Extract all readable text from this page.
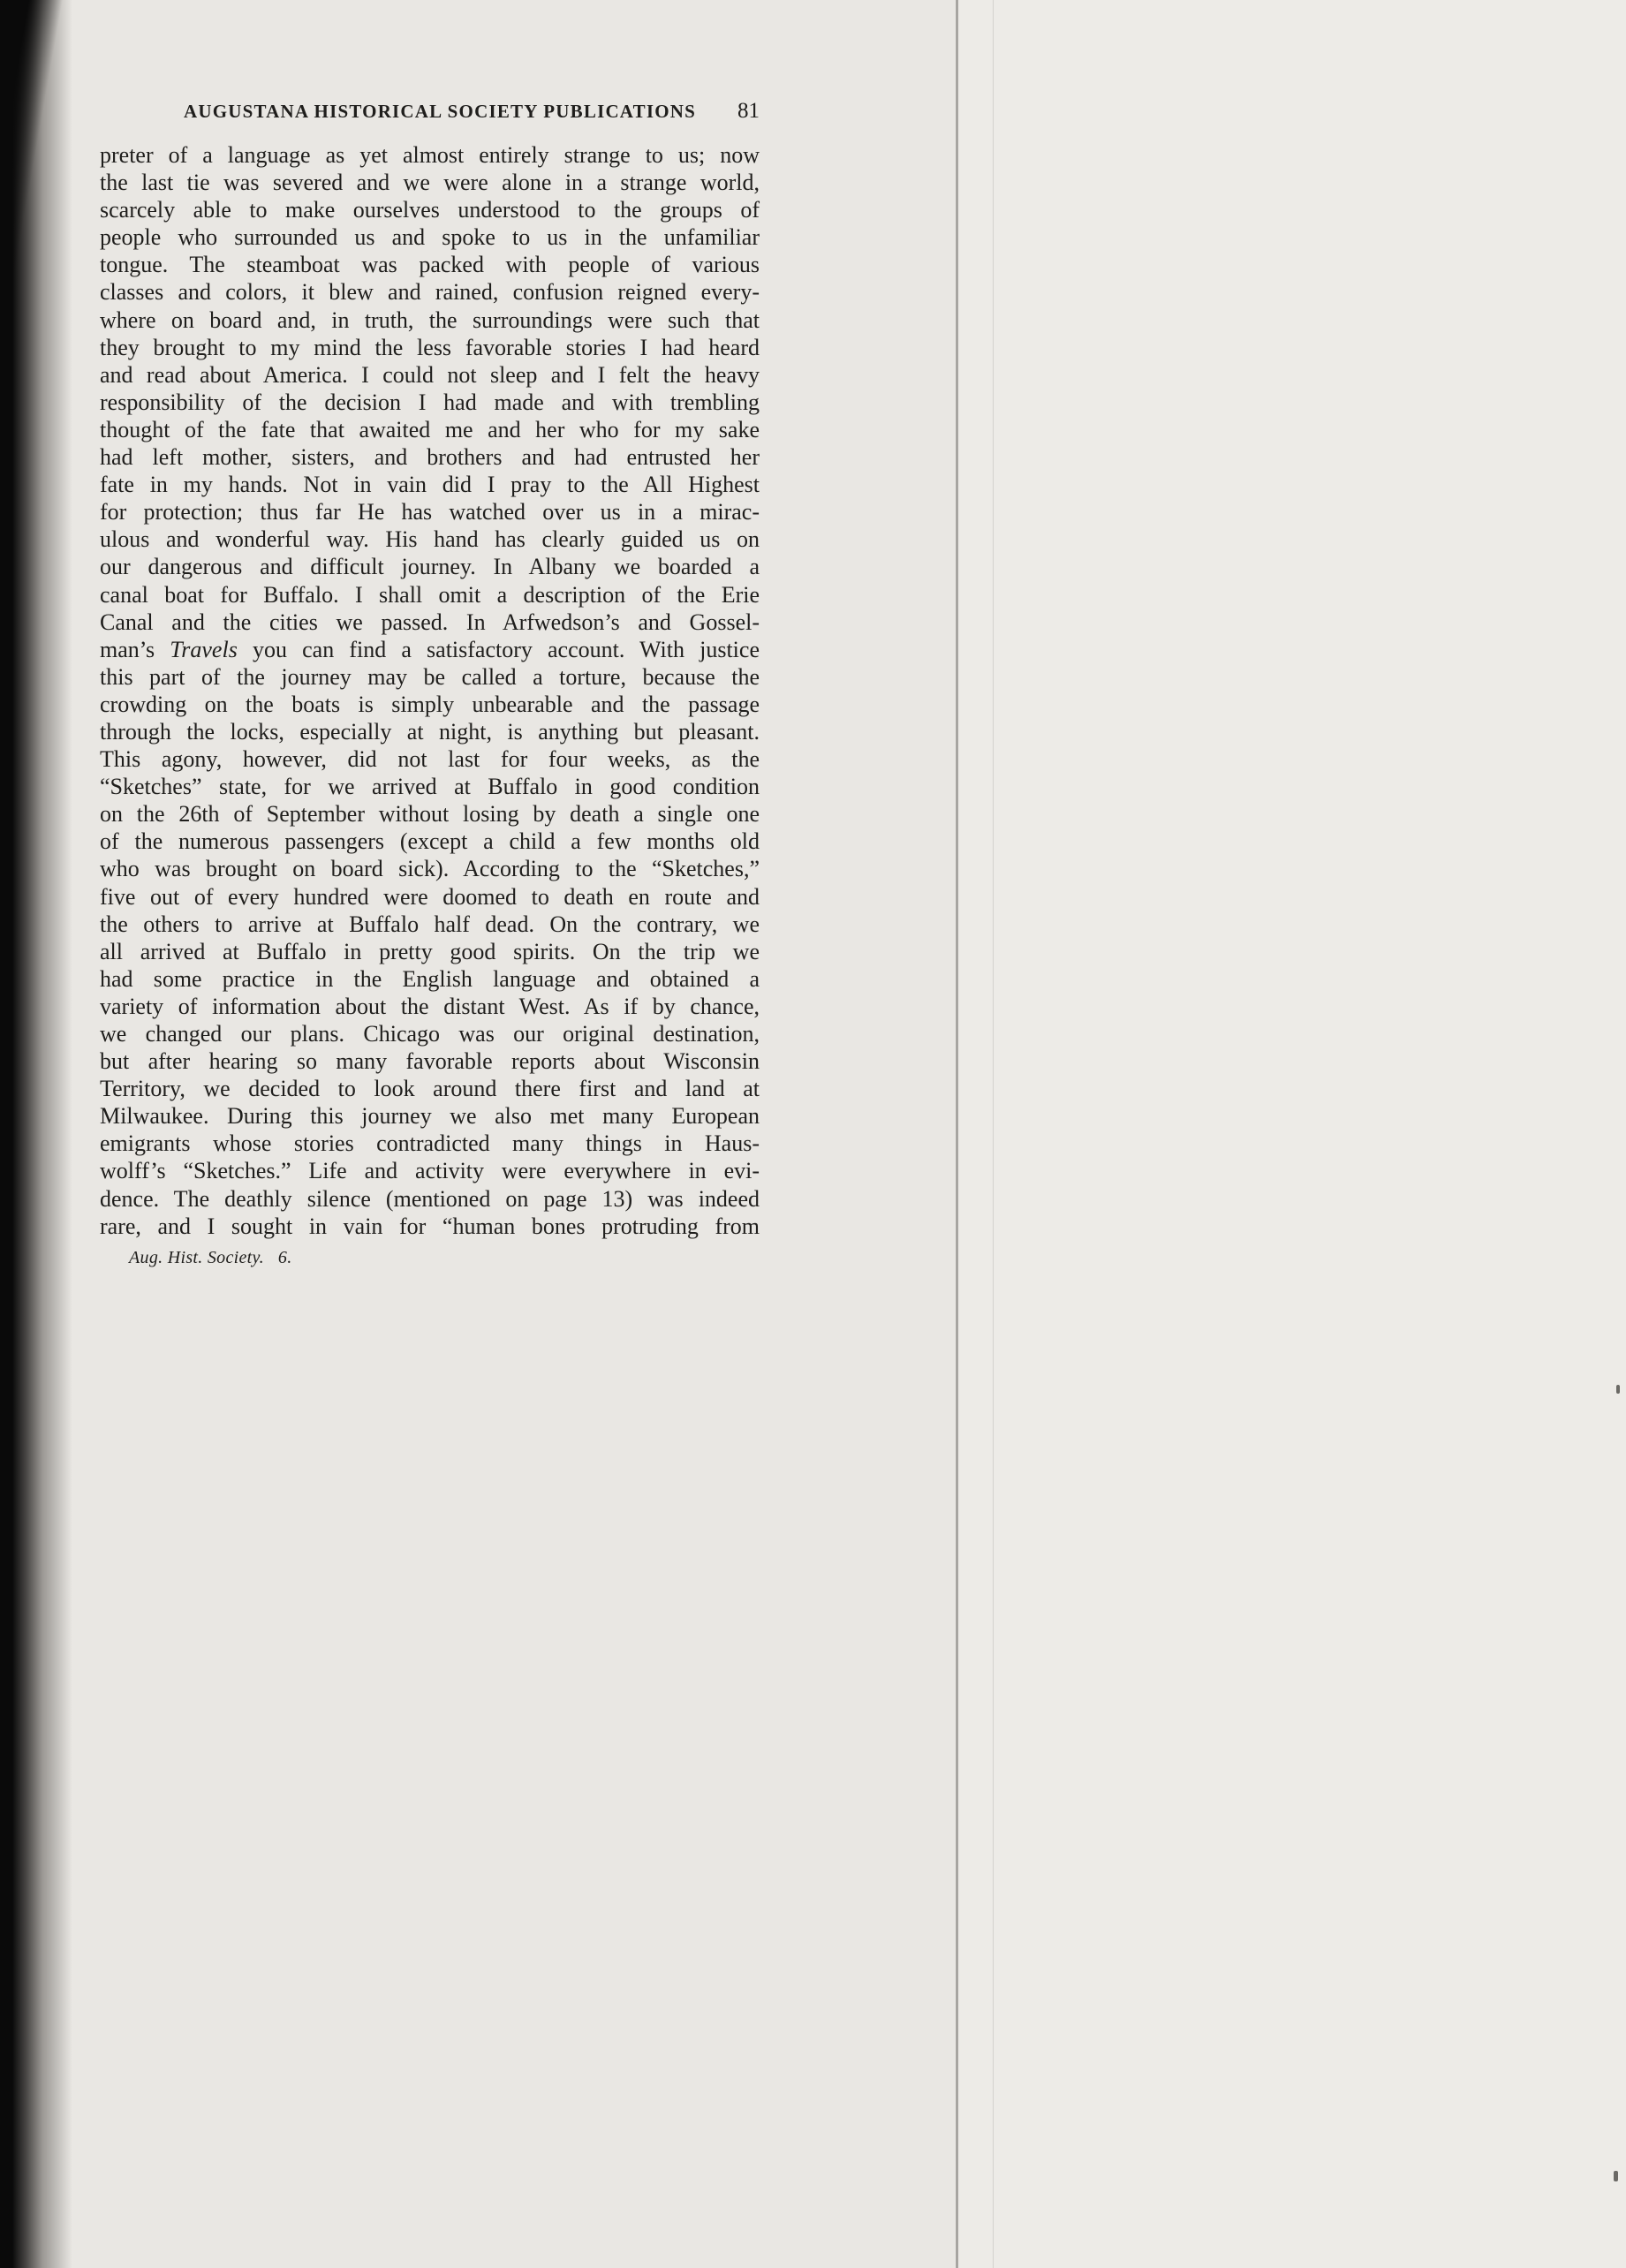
AUGUSTANA HISTORICAL SOCIETY PUBLICATIONS 81
preter of a language as yet almost entirely strange to us; now
the last tie was severed and we were alone in a strange world,
scarcely able to make ourselves understood to the groups of
people who surrounded us and spoke to us in the unfamiliar
tongue. The steamboat was packed with people of various
classes and colors, it blew and rained, confusion reigned every-
where on board and, in truth, the surroundings were such that
they brought to my mind the less favorable stories I had heard
and read about America. I could not sleep and I felt the heavy
responsibility of the decision I had made and with trembling
thought of the fate that awaited me and her who for my sake
had left mother, sisters, and brothers and had entrusted her
fate in my hands. Not in vain did I pray to the All Highest
for protection; thus far He has watched over us in a mirac-
ulous and wonderful way. His hand has clearly guided us on
our dangerous and difficult journey. In Albany we boarded a
canal boat for Buffalo. I shall omit a description of the Erie
Canal and the cities we passed. In Arfwedson’s and Gossel-
man’s Travels you can find a satisfactory account. With justice
this part of the journey may be called a torture, because the
crowding on the boats is simply unbearable and the passage
through the locks, especially at night, is anything but pleasant.
This agony, however, did not last for four weeks, as the
“Sketches” state, for we arrived at Buffalo in good condition
on the 26th of September without losing by death a single one
of the numerous passengers (except a child a few months old
who was brought on board sick). According to the “Sketches,”
five out of every hundred were doomed to death en route and
the others to arrive at Buffalo half dead. On the contrary, we
all arrived at Buffalo in pretty good spirits. On the trip we
had some practice in the English language and obtained a
variety of information about the distant West. As if by chance,
we changed our plans. Chicago was our original destination,
but after hearing so many favorable reports about Wisconsin
Territory, we decided to look around there first and land at
Milwaukee. During this journey we also met many European
emigrants whose stories contradicted many things in Haus-
wolff’s “Sketches.” Life and activity were everywhere in evi-
dence. The deathly silence (mentioned on page 13) was indeed
rare, and I sought in vain for “human bones protruding from
Aug. Hist. Society. 6.
